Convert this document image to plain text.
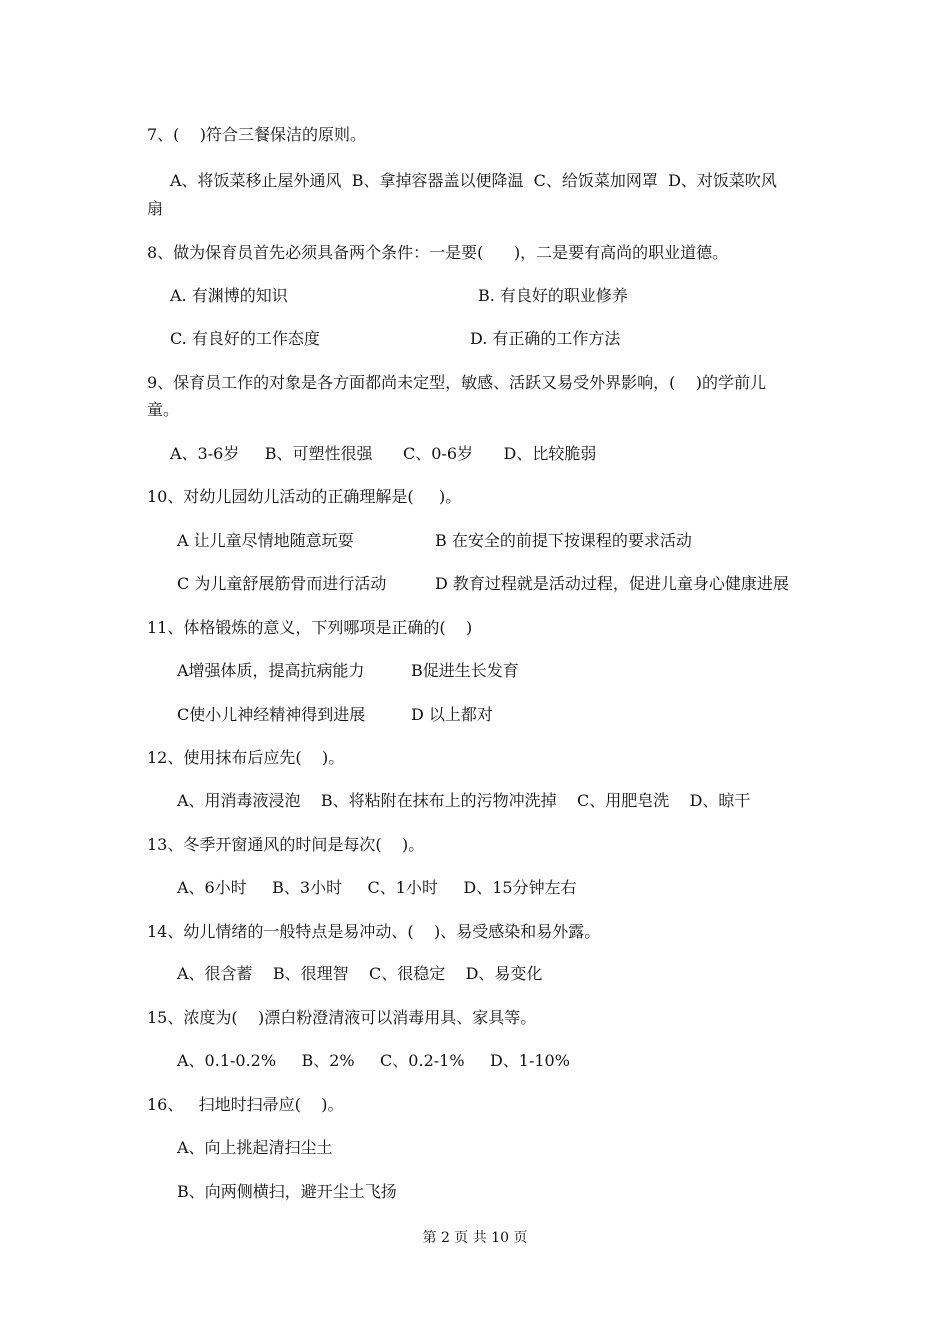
7、(    )符合三餐保洁的原则。
A、将饭菜移止屋外通风  B、拿掉容器盖以便降温  C、给饭菜加网罩  D、对饭菜吹风
扇
8、做为保育员首先必须具备两个条件：一是要(      )，二是要有高尚的职业道德。
A. 有渊博的知识	B. 有良好的职业修养
C. 有良好的工作态度	D. 有正确的工作方法
9、保育员工作的对象是各方面都尚未定型，敏感、活跃又易受外界影响，(    )的学前儿
童。
A、3-6岁     B、可塑性很强      C、0-6岁      D、比较脆弱
10、对幼儿园幼儿活动的正确理解是(     )。
A 让儿童尽情地随意玩耍	B 在安全的前提下按课程的要求活动
C 为儿童舒展筋骨而进行活动	D 教育过程就是活动过程，促进儿童身心健康进展
11、体格锻炼的意义，下列哪项是正确的(    )
A增强体质，提高抗病能力	B促进生长发育
C使小儿神经精神得到进展	D 以上都对
12、使用抹布后应先(    )。
A、用消毒液浸泡    B、将粘附在抹布上的污物冲洗掉    C、用肥皂洗    D、晾干
13、冬季开窗通风的时间是每次(    )。
A、6小时     B、3小时     C、1小时     D、15分钟左右
14、幼儿情绪的一般特点是易冲动、(    )、易受感染和易外露。
A、很含蓄    B、很理智    C、很稳定    D、易变化
15、浓度为(    )漂白粉澄清液可以消毒用具、家具等。
A、0.1-0.2%     B、2%     C、0.2-1%     D、1-10%
16、   扫地时扫帚应(    )。
A、向上挑起清扫尘土
B、向两侧横扫，避开尘土飞扬
第 2 页 共 10 页
